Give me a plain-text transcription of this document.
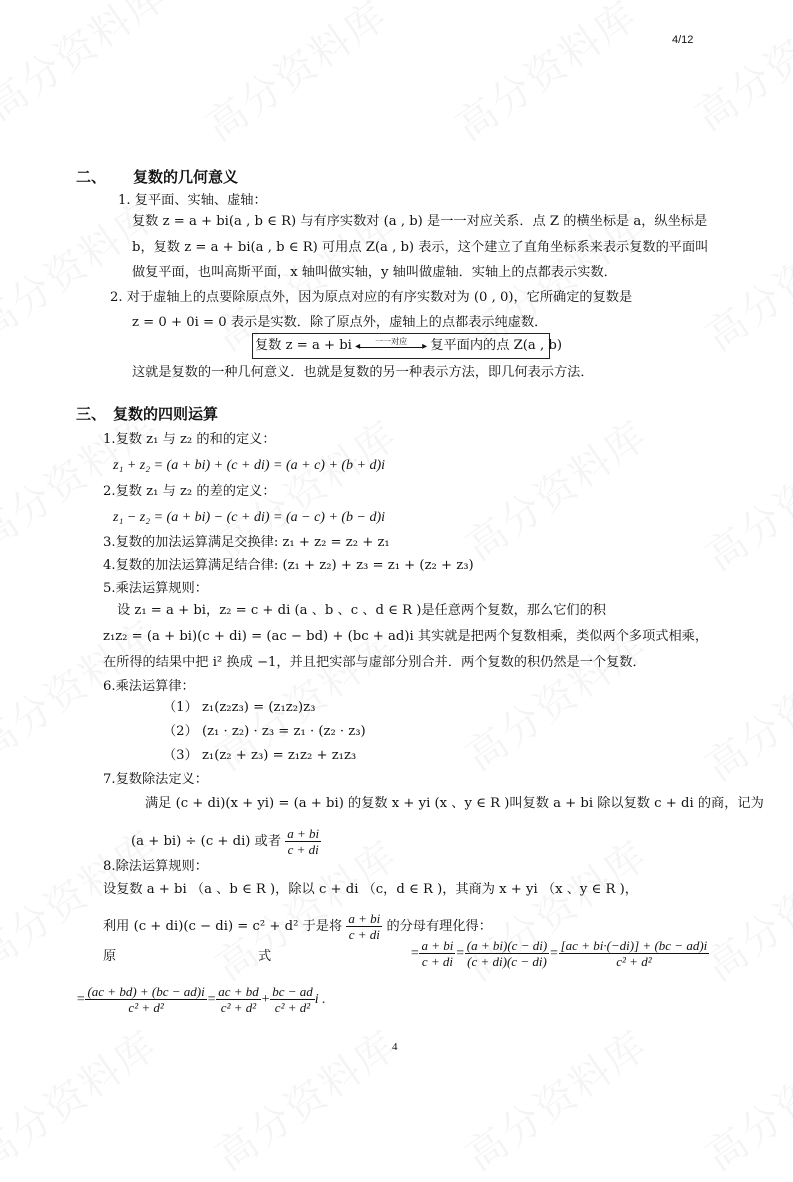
4/12
二、 复数的几何意义
1. 复平面、实轴、虚轴：
复数 z = a + bi(a , b ∈ R) 与有序实数对 (a , b) 是一一对应关系．点 Z 的横坐标是 a，纵坐标是
b，复数 z = a + bi(a , b ∈ R) 可用点 Z(a , b) 表示，这个建立了直角坐标系来表示复数的平面叫
做复平面，也叫高斯平面，x 轴叫做实轴，y 轴叫做虚轴．实轴上的点都表示实数．
2. 对于虚轴上的点要除原点外，因为原点对应的有序实数对为 (0 , 0)，它所确定的复数是
z = 0 + 0i = 0 表示是实数．除了原点外，虚轴上的点都表示纯虚数．
复数 z = a + bi	一一对应
◂	▸ 复平面内的点 Z(a , b)
这就是复数的一种几何意义．也就是复数的另一种表示方法，即几何表示方法．
三、 复数的四则运算
1.复数 z₁ 与 z₂ 的和的定义：
z₁ + z₂ = (a + bi) + (c + di) = (a + c) + (b + d)i
2.复数 z₁ 与 z₂ 的差的定义：
z₁ − z₂ = (a + bi) − (c + di) = (a − c) + (b − d)i
3.复数的加法运算满足交换律: z₁ + z₂ = z₂ + z₁
4.复数的加法运算满足结合律: (z₁ + z₂) + z₃ = z₁ + (z₂ + z₃)
5.乘法运算规则：
设 z₁ = a + bi，z₂ = c + di (a 、b 、c 、d ∈ R )是任意两个复数，那么它们的积
z₁z₂ = (a + bi)(c + di) = (ac − bd) + (bc + ad)i 其实就是把两个复数相乘，类似两个多项式相乘，
在所得的结果中把 i² 换成 −1，并且把实部与虚部分别合并．两个复数的积仍然是一个复数．
6.乘法运算律：
（1） z₁(z₂z₃) = (z₁z₂)z₃
（2） (z₁ · z₂) · z₃ = z₁ · (z₂ · z₃)
（3） z₁(z₂ + z₃) = z₁z₂ + z₁z₃
7.复数除法定义：
满足 (c + di)(x + yi) = (a + bi) 的复数 x + yi (x 、y ∈ R )叫复数 a + bi 除以复数 c + di 的商，记为
(a + bi) ÷ (c + di) 或者 $\frac{a + bi}{c + di}$
8.除法运算规则：
设复数 a + bi （a 、b ∈ R )，除以 c + di （c，d ∈ R )，其商为 x + yi （x 、y ∈ R )，
利用 (c + di)(c − di) = c² + d² 于是将 $\frac{a + bi}{c + di}$ 的分母有理化得：
原	式	= $\frac{a + bi}{c + di} = \frac{(a + bi)(c - di)}{(c + di)(c - di)} = \frac{[ac + bi\cdot(-di)] + (bc - ad)i}{\text{c² + d²}}$
= $\frac{(ac + bd) + (bc - ad)i}{\text{c² + d²}} = \frac{ac + bd}{\text{c² + d²}} + \frac{bc - ad}{\text{c² + d²}}$ i .
4
